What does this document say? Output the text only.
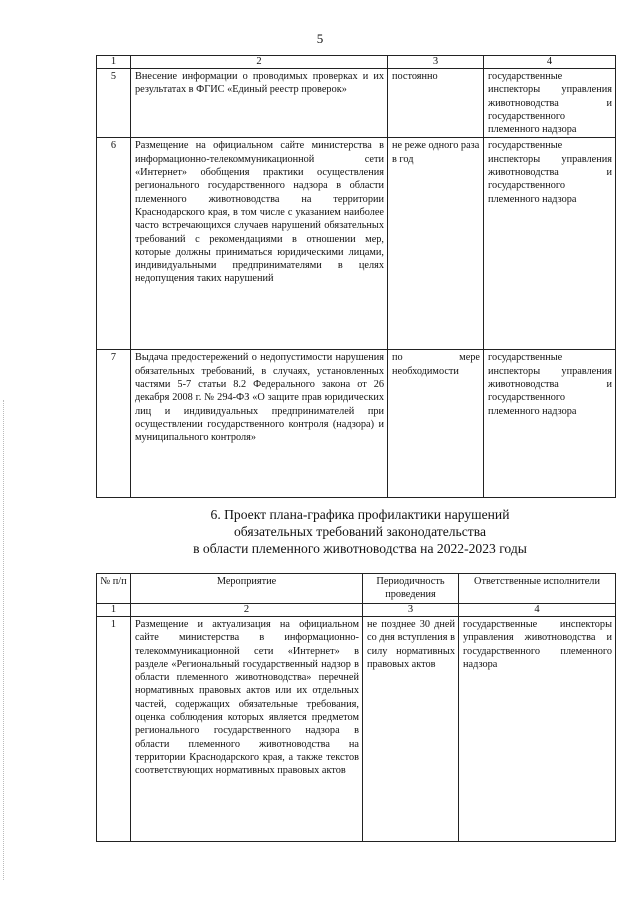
5
1	2	3	4
5	Внесение информации о проводимых проверках и их результатах в ФГИС «Единый реестр проверок»	постоянно	государственные инспекторы управления животноводства и государственного племенного надзора
6	Размещение на официальном сайте министерства в информационно-телекоммуникационной сети «Интернет» обобщения практики осуществления регионального государственного надзора в области племенного животноводства на территории Краснодарского края, в том числе с указанием наиболее часто встречающихся случаев нарушений обязательных требований с рекомендациями в отношении мер, которые должны приниматься юридическими лицами, индивидуальными предпринимателями в целях недопущения таких нарушений	не реже одного раза в год	государственные инспекторы управления животноводства и государственного племенного надзора
7	Выдача предостережений о недопустимости нарушения обязательных требований, в случаях, установленных частями 5-7 статьи 8.2 Федерального закона от 26 декабря 2008 г. № 294-ФЗ «О защите прав юридических лиц и индивидуальных предпринимателей при осуществлении государственного контроля (надзора) и муниципального контроля»	по мере необходимости	государственные инспекторы управления животноводства и государственного племенного надзора
6. Проект плана-графика профилактики нарушений
обязательных требований законодательства
в области племенного животноводства на 2022-2023 годы
№ п/п	Мероприятие	Периодичность проведения	Ответственные исполнители
1	2	3	4
1	Размещение и актуализация на официальном сайте министерства в информационно-телекоммуникационной сети «Интернет» в разделе «Региональный государственный надзор в области племенного животноводства» перечней нормативных правовых актов или их отдельных частей, содержащих обязательные требования, оценка соблюдения которых является предметом регионального государственного надзора в области племенного животноводства на территории Краснодарского края, а также текстов соответствующих нормативных правовых актов	не позднее 30 дней со дня вступления в силу нормативных правовых актов	государственные инспекторы управления животноводства и государственного племенного надзора
